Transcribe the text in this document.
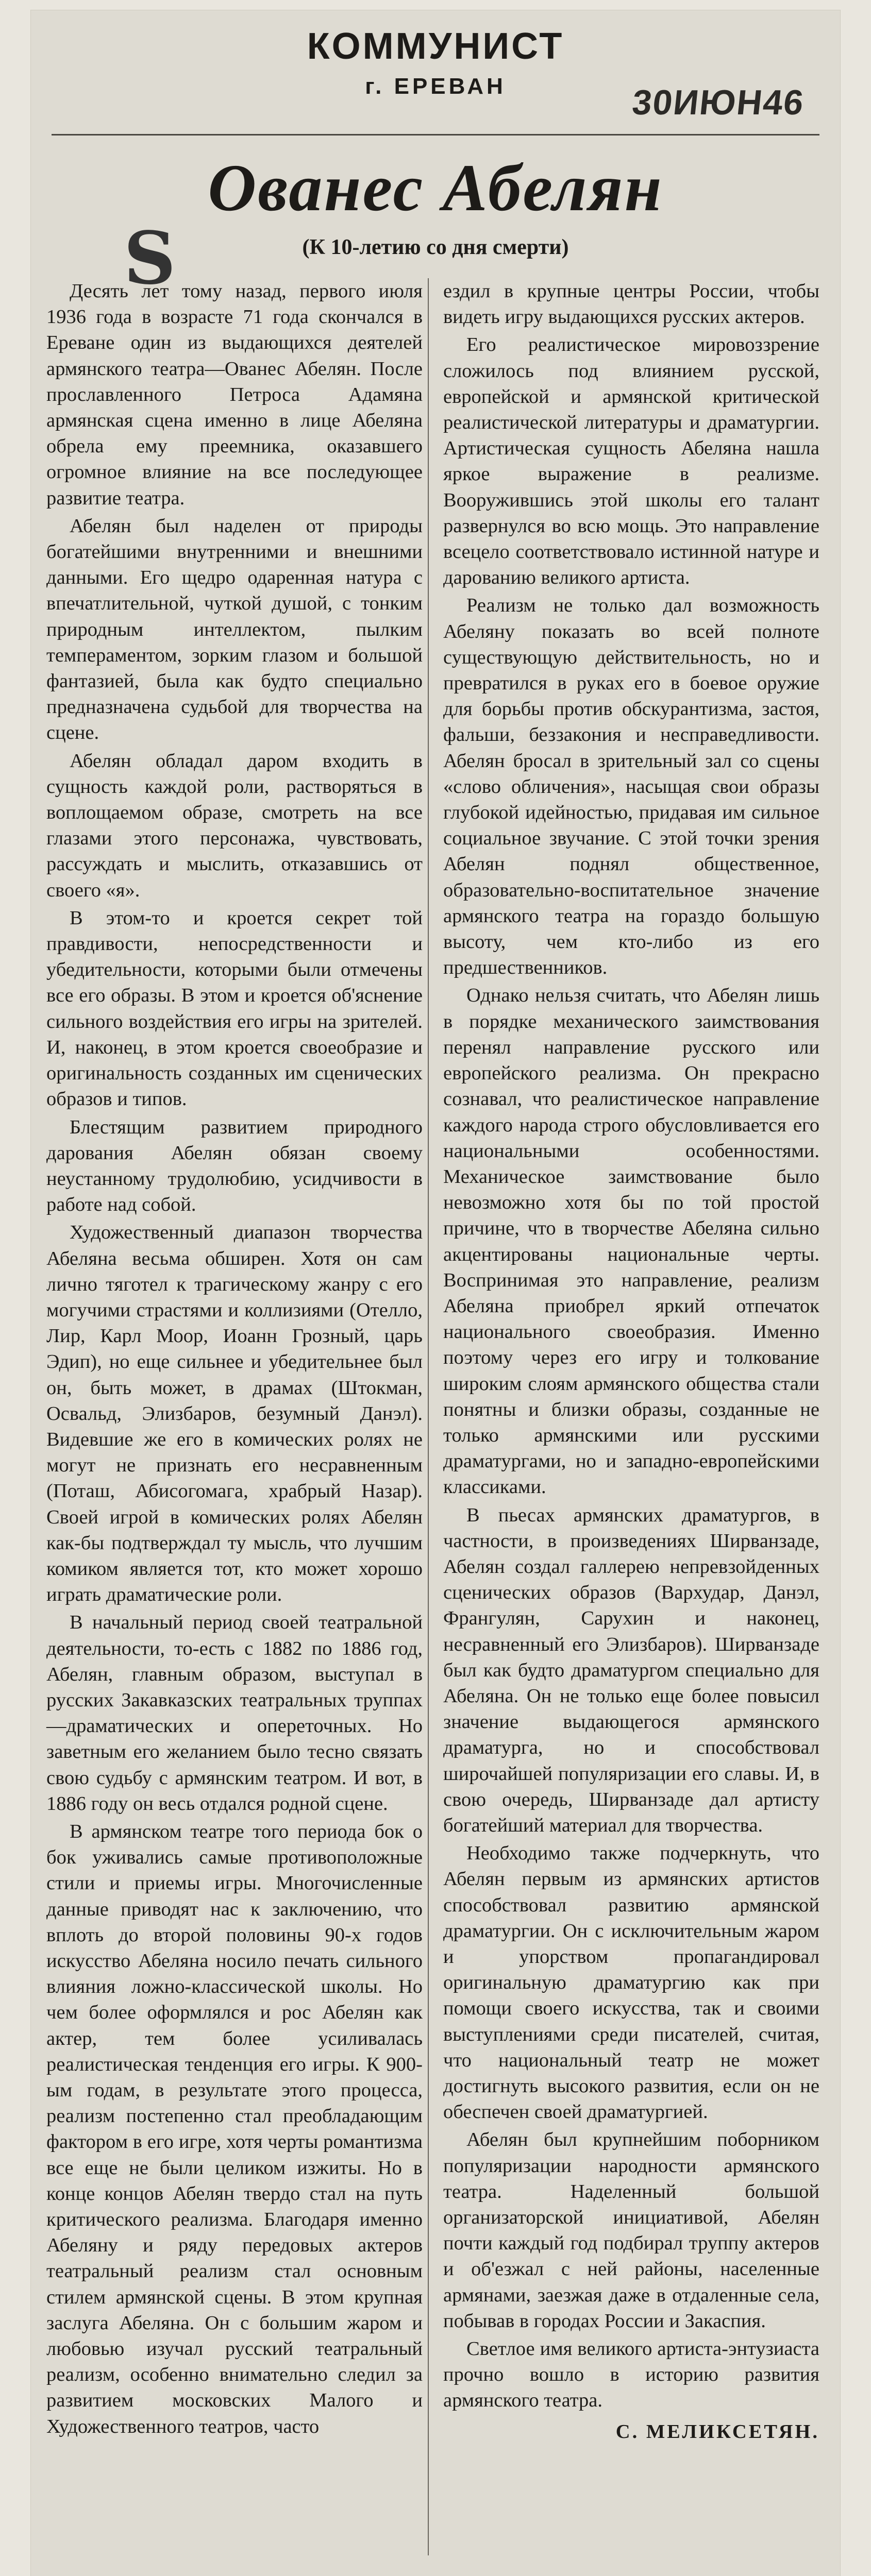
КОММУНИСТ
г. ЕРЕВАН	30ИЮН46
Ованес Абелян
(К 10-летию со дня смерти)
S

Десять лет тому назад, первого июля 1936 года в возрасте 71 года скончался в Ереване один из выдающихся деятелей армянского театра—Ованес Абелян. После прославленного Петроса Адамяна армянская сцена именно в лице Абеляна обрела ему преемника, оказавшего огромное влияние на все последующее развитие театра.

Абелян был наделен от природы богатейшими внутренними и внешними данными. Его щедро одаренная натура с впечатлительной, чуткой душой, с тонким природным интеллектом, пылким темпераментом, зорким глазом и большой фантазией, была как будто специально предназначена судьбой для творчества на сцене.

Абелян обладал даром входить в сущность каждой роли, растворяться в воплощаемом образе, смотреть на все глазами этого персонажа, чувствовать, рассуждать и мыслить, отказавшись от своего «я».

В этом-то и кроется секрет той правдивости, непосредственности и убедительности, которыми были отмечены все его образы. В этом и кроется об'яснение сильного воздействия его игры на зрителей. И, наконец, в этом кроется своеобразие и оригинальность созданных им сценических образов и типов.

Блестящим развитием природного дарования Абелян обязан своему неустанному трудолюбию, усидчивости в работе над собой.

Художественный диапазон творчества Абеляна весьма обширен. Хотя он сам лично тяготел к трагическому жанру с его могучими страстями и коллизиями (Отелло, Лир, Карл Моор, Иоанн Грозный, царь Эдип), но еще сильнее и убедительнее был он, быть может, в драмах (Штокман, Освальд, Элизбаров, безумный Данэл). Видевшие же его в комических ролях не могут не признать его несравненным (Поташ, Абисогомага, храбрый Назар). Своей игрой в комических ролях Абелян как-бы подтверждал ту мысль, что лучшим комиком является тот, кто может хорошо играть драматические роли.

В начальный период своей театральной деятельности, то-есть с 1882 по 1886 год, Абелян, главным образом, выступал в русских Закавказских театральных труппах—драматических и опереточных. Но заветным его желанием было тесно связать свою судьбу с армянским театром. И вот, в 1886 году он весь отдался родной сцене.

В армянском театре того периода бок о бок уживались самые противоположные стили и приемы игры. Многочисленные данные приводят нас к заключению, что вплоть до второй половины 90-х годов искусство Абеляна носило печать сильного влияния ложно-классической школы. Но чем более оформлялся и рос Абелян как актер, тем более усиливалась реалистическая тенденция его игры. К 900-ым годам, в результате этого процесса, реализм постепенно стал преобладающим фактором в его игре, хотя черты романтизма все еще не были целиком изжиты. Но в конце концов Абелян твердо стал на путь критического реализма. Благодаря именно Абеляну и ряду передовых актеров театральный реализм стал основным стилем армянской сцены. В этом крупная заслуга Абеляна. Он с большим жаром и любовью изучал русский театральный реализм, особенно внимательно следил за развитием московских Малого и Художественного театров, часто

ездил в крупные центры России, чтобы видеть игру выдающихся русских актеров.

Его реалистическое мировоззрение сложилось под влиянием русской, европейской и армянской критической реалистической литературы и драматургии. Артистическая сущность Абеляна нашла яркое выражение в реализме. Вооружившись этой школы его талант развернулся во всю мощь. Это направление всецело соответствовало истинной натуре и дарованию великого артиста.

Реализм не только дал возможность Абеляну показать во всей полноте существующую действительность, но и превратился в руках его в боевое оружие для борьбы против обскурантизма, застоя, фальши, беззакония и несправедливости. Абелян бросал в зрительный зал со сцены «слово обличения», насыщая свои образы глубокой идейностью, придавая им сильное социальное звучание. С этой точки зрения Абелян поднял общественное, образовательно-воспитательное значение армянского театра на гораздо большую высоту, чем кто-либо из его предшественников.

Однако нельзя считать, что Абелян лишь в порядке механического заимствования перенял направление русского или европейского реализма. Он прекрасно сознавал, что реалистическое направление каждого народа строго обусловливается его национальными особенностями. Механическое заимствование было невозможно хотя бы по той простой причине, что в творчестве Абеляна сильно акцентированы национальные черты. Воспринимая это направление, реализм Абеляна приобрел яркий отпечаток национального своеобразия. Именно поэтому через его игру и толкование широким слоям армянского общества стали понятны и близки образы, созданные не только армянскими или русскими драматургами, но и западно-европейскими классиками.

В пьесах армянских драматургов, в частности, в произведениях Ширванзаде, Абелян создал галлерею непревзойденных сценических образов (Вархудар, Данэл, Франгулян, Сарухин и наконец, несравненный его Элизбаров). Ширванзаде был как будто драматургом специально для Абеляна. Он не только еще более повысил значение выдающегося армянского драматурга, но и способствовал широчайшей популяризации его славы. И, в свою очередь, Ширванзаде дал артисту богатейший материал для творчества.

Необходимо также подчеркнуть, что Абелян первым из армянских артистов способствовал развитию армянской драматургии. Он с исключительным жаром и упорством пропагандировал оригинальную драматургию как при помощи своего искусства, так и своими выступлениями среди писателей, считая, что национальный театр не может достигнуть высокого развития, если он не обеспечен своей драматургией.

Абелян был крупнейшим поборником популяризации народности армянского театра. Наделенный большой организаторской инициативой, Абелян почти каждый год подбирал труппу актеров и об'езжал с ней районы, населенные армянами, заезжая даже в отдаленные села, побывав в городах России и Закаспия.

Светлое имя великого артиста-энтузиаста прочно вошло в историю развития армянского театра.

С. МЕЛИКСЕТЯН.
